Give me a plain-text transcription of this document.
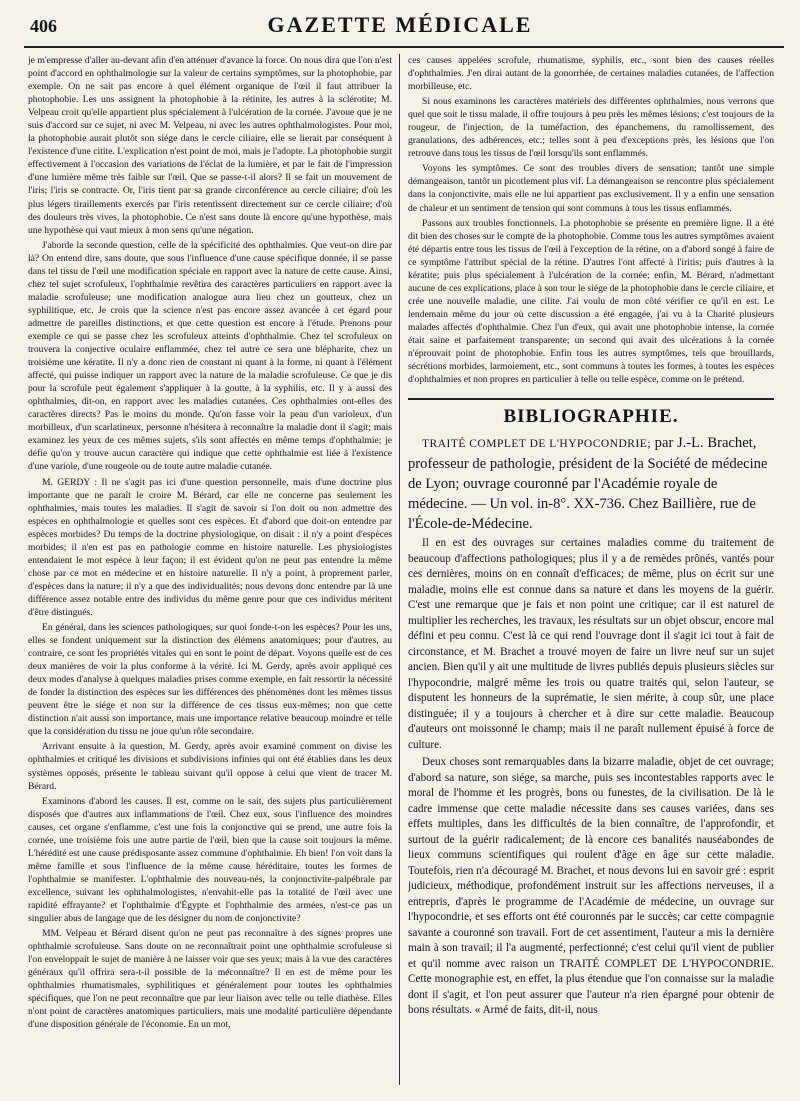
406	GAZETTE MÉDICALE

je m'empresse d'aller au-devant afin d'en atténuer d'avance la force. On nous dira que l'on n'est point d'accord en ophthalmologie sur la valeur de certains symptômes, sur la photophobie, par exemple. On ne sait pas encore à quel élément organique de l'œil il faut attribuer la photophobie. Les uns assignent la photophobie à la rétinite, les autres à la sclérotite; M. Velpeau croit qu'elle appartient plus spécialement à l'ulcération de la cornée. J'avoue que je ne suis d'accord sur ce sujet, ni avec M. Velpeau, ni avec les autres ophthalmologistes. Pour moi, la photophobie aurait plutôt son siége dans le cercle ciliaire, elle se lierait par conséquent à l'existence d'une citite. L'explication n'est point de moi, mais je l'adopte. La photophobie surgit effectivement à l'occasion des variations de l'éclat de la lumière, et par le fait de l'impression d'une lumière même très faible sur l'œil. Que se passe-t-il alors? Il se fait un mouvement de l'iris; l'iris se contracte. Or, l'iris tient par sa grande circonférence au cercle ciliaire; d'où les plus légers tiraillements exercés par l'iris retentissent directement sur ce cercle ciliaire; d'où des douleurs très vives, la photophobie. Ce n'est sans doute là encore qu'une hypothèse, mais une hypothèse qui vaut mieux à mon sens qu'une négation.

J'aborde la seconde question, celle de la spécificité des ophthalmies. Que veut-on dire par là? On entend dire, sans doute, que sous l'influence d'une cause spécifique donnée, il se passe dans tel tissu de l'œil une modification spéciale en rapport avec la nature de cette cause. Ainsi, chez tel sujet scrofuleux, l'ophthalmie revêtira des caractères particuliers en rapport avec la maladie scrofuleuse; une modification analogue aura lieu chez un goutteux, chez un syphilitique, etc. Je crois que la science n'est pas encore assez avancée à cet égard pour admettre de pareilles distinctions, et que cette question est encore à l'étude. Prenons pour exemple ce qui se passe chez les scrofuleux atteints d'ophthalmie. Chez tel scrofuleux on trouvera la conjective oculaire enflammée, chez tel autre ce sera une blépharite, chez un troisième une kératite. Il n'y a donc rien de constant ni quant à la forme, ni quant à l'élément affecté, qui puisse indiquer un rapport avec la nature de la maladie scrofuleuse. Ce que je dis pour la scrofule peut également s'appliquer à la goutte, à la syphilis, etc. Il y a aussi des ophthalmies, dit-on, en rapport avec les maladies cutanées. Ces ophthalmies ont-elles des caractères directs? Pas le moins du monde. Qu'on fasse voir la peau d'un varioleux, d'un morbilleux, d'un scarlatineux, personne n'hésitera à reconnaître la maladie dont il s'agit; mais examinez les yeux de ces mêmes sujets, s'ils sont affectés en même temps d'ophthalmie; je défie qu'on y trouve aucun caractère qui indique que cette ophthalmie est liée à l'existence d'une variole, d'une rougeole ou de toute autre maladie cutanée.

M. GERDY : Il ne s'agit pas ici d'une question personnelle, mais d'une doctrine plus importante que ne paraît le croire M. Bérard, car elle ne concerne pas seulement les ophthalmies, mais toutes les maladies. Il s'agit de savoir si l'on doit ou non admettre des espèces en ophthalmologie et quelles sont ces espèces. Et d'abord que doit-on entendre par espèces morbides? Du temps de la doctrine physiologique, on disait : il n'y a point d'espèces morbides; il n'en est pas en pathologie comme en histoire naturelle. Les physiologistes entendaient le mot espèce à leur façon; il est évident qu'on ne peut pas entendre la même chose par ce mot en médecine et en histoire naturelle. Il n'y a point, à proprement parler, d'espèces dans la nature; il n'y a que des individualités; nous devons donc entendre par là une différence assez notable entre des individus du même genre pour que ces individus méritent d'être distingués.

En général, dans les sciences pathologiques, sur quoi fonde-t-on les espèces? Pour les uns, elles se fondent uniquement sur la distinction des élémens anatomiques; pour d'autres, au contraire, ce sont les propriétés vitales qui en sont le point de départ. Voyons quelle est de ces deux manières de voir la plus conforme à la vérité. Ici M. Gerdy, après avoir appliqué ces deux modes d'analyse à quelques maladies prises comme exemple, en fait ressortir la nécessité de fonder la distinction des espèces sur les différences des phénomènes dont les mêmes tissus peuvent être le siége et non sur la différence de ces tissus eux-mêmes; non que cette distinction n'ait aussi son importance, mais une importance relative beaucoup moindre et telle que la considération du tissu ne joue qu'un rôle secondaire.

Arrivant ensuite à la question, M. Gerdy, après avoir examiné comment on divise les ophthalmies et critiqué les divisions et subdivisions infinies qui ont été établies dans les deux systèmes opposés, présente le tableau suivant qu'il oppose à celui que vient de tracer M. Bérard.

Examinons d'abord les causes. Il est, comme on le sait, des sujets plus particulièrement disposés que d'autres aux inflammations de l'œil. Chez eux, sous l'influence des moindres causes, cet organe s'enflamme, c'est une fois la conjonctive qui se prend, une autre fois la cornée, une troisième fois une autre partie de l'œil, bien que la cause soit toujours la même. L'hérédité est une cause prédisposante assez commune d'ophthalmie. Eh bien! l'on voit dans la même famille et sous l'influence de la même cause héréditaire, toutes les formes de l'ophthalmie se manifester. L'ophthalmie des nouveau-nés, la conjonctivite-palpébrale par excellence, suivant les ophthalmologistes, n'envahit-elle pas la totalité de l'œil avec une rapidité effrayante? et l'ophthalmie d'Égypte et l'ophthalmie des armées, n'est-ce pas un singulier abus de langage que de les désigner du nom de conjonctivite?

MM. Velpeau et Bérard disent qu'on ne peut pas reconnaître à des signes propres une ophthalmie scrofuleuse. Sans doute on ne reconnaîtrait point une ophthalmie scrofuleuse si l'on enveloppait le sujet de manière à ne laisser voir que ses yeux; mais à la vue des caractères généraux qu'il offrira sera-t-il possible de la méconnaître? Il en est de même pour les ophthalmies rhumatismales, syphilitiques et généralement pour toutes les ophthalmies spécifiques, que l'on ne peut reconnaître que par leur liaison avec telle ou telle diathèse. Elles n'ont point de caractères anatomiques particuliers, mais une modalité particulière dépendante d'une disposition générale de l'économie. En un mot,

ces causes appelées scrofule, rhumatisme, syphilis, etc., sont bien des causes réelles d'ophthalmies. J'en dirai autant de la gonorrhée, de certaines maladies cutanées, de l'affection morbilleuse, etc.

Si nous examinons les caractères matériels des différentes ophthalmies, nous verrons que quel que soit le tissu malade, il offre toujours à peu près les mêmes lésions; c'est toujours de la rougeur, de l'injection, de la tuméfaction, des épanchemens, du ramollissement, des granulations, des adhérences, etc.; telles sont à peu d'exceptions près, les lésions que l'on retrouve dans tous les tissus de l'œil lorsqu'ils sont enflammés.

Voyons les symptômes. Ce sont des troubles divers de sensation; tantôt une simple démangeaison, tantôt un picotlement plus vif. La démangeaison se rencontre plus spécialement dans la conjonctivite, mais elle ne lui appartient pas exclusivement. Il y a enfin une sensation de chaleur et un sentiment de tension qui sont communs à tous les tissus enflammés.

Passons aux troubles fonctionnels. La photophobie se présente en première ligne. Il a été dit bien des choses sur le compte de la photophobie. Comme tous les autres symptômes avaient été départis entre tous les tissus de l'œil à l'exception de la rétine, on a d'abord songé à faire de ce symptôme l'attribut spécial de la rétine. D'autres l'ont affecté à l'iritis; puis d'autres à la kératite; puis plus spécialement à l'ulcération de la cornée; enfin, M. Bérard, n'admettant aucune de ces explications, place à son tour le siége de la photophobie dans le cercle ciliaire, et crée une nouvelle maladie, une cilite. J'ai voulu de mon côté vérifier ce qu'il en est. Le lendemain même du jour où cette discussion a été engagée, j'ai vu à la Charité plusieurs malades affectés d'ophthalmie. Chez l'un d'eux, qui avait une photophobie intense, la cornée était saine et parfaitement transparente; un second qui avait des ulcérations à la cornée n'éprouvait point de photophobie. Enfin tous les autres symptômes, tels que brouillards, sécrétions morbides, larmoiement, etc., sont communs à toutes les formes, à toutes les espèces d'ophthalmies et non propres en particulier à telle ou telle espèce, comme on le prétend.

BIBLIOGRAPHIE.

TRAITÉ COMPLET DE L'HYPOCONDRIE; par J.-L. Brachet, professeur de pathologie, président de la Société de médecine de Lyon; ouvrage couronné par l'Académie royale de médecine. — Un vol. in-8°. XX-736. Chez Baillière, rue de l'École-de-Médecine.

Il en est des ouvrages sur certaines maladies comme du traitement de beaucoup d'affections pathologiques; plus il y a de remèdes prônés, vantés pour ces dernières, moins on en connaît d'efficaces; de même, plus on écrit sur une maladie, moins elle est connue dans sa nature et dans les moyens de la guérir. C'est une remarque que je fais et non point une critique; car il est naturel de multiplier les recherches, les travaux, les résultats sur un objet obscur, encore mal défini et peu connu. C'est là ce qui rend l'ouvrage dont il s'agit ici tout à fait de circonstance, et M. Brachet a trouvé moyen de faire un livre neuf sur un sujet ancien. Bien qu'il y ait une multitude de livres publiés depuis plusieurs siècles sur l'hypocondrie, malgré même les trois ou quatre traités qui, selon l'auteur, se disputent les honneurs de la suprématie, le sien mérite, à coup sûr, une place distinguée; il y a toujours à chercher et à dire sur cette maladie. Beaucoup d'auteurs ont moissonné le champ; mais il ne paraît nullement épuisé à force de culture.

Deux choses sont remarquables dans la bizarre maladie, objet de cet ouvrage; d'abord sa nature, son siége, sa marche, puis ses incontestables rapports avec le moral de l'homme et les progrès, bons ou funestes, de la civilisation. De là le cadre immense que cette maladie nécessite dans ses causes variées, dans ses effets multiples, dans les difficultés de la bien connaître, de l'approfondir, et surtout de la guérir radicalement; de là encore ces banalités nauséabondes de lieux communs scientifiques qui roulent d'âge en âge sur cette maladie. Toutefois, rien n'a découragé M. Brachet, et nous devons lui en savoir gré : esprit judicieux, méthodique, profondément instruit sur les affections nerveuses, il a entrepris, d'après le programme de l'Académie de médecine, un ouvrage sur l'hypocondrie, et ses efforts ont été couronnés par le succès; car cette compagnie savante a couronné son travail. Fort de cet assentiment, l'auteur a mis la dernière main à son travail; il l'a augmenté, perfectionné; c'est celui qu'il vient de publier et qu'il nomme avec raison un TRAITÉ COMPLET DE L'HYPOCONDRIE. Cette monographie est, en effet, la plus étendue que l'on connaisse sur la maladie dont il s'agit, et l'on peut assurer que l'auteur n'a rien épargné pour obtenir de bons résultats. « Armé de faits, dit-il, nous
